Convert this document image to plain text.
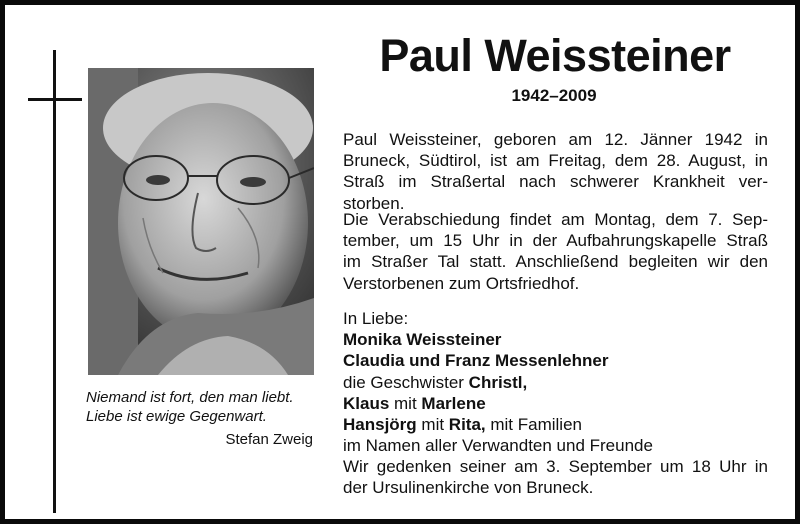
Niemand ist fort, den man liebt.
Liebe ist ewige Gegenwart.
Stefan Zweig
Paul Weissteiner
1942–2009
Paul Weissteiner, geboren am 12. Jänner 1942 in
Bruneck, Südtirol, ist am Freitag, dem 28. August, in
Straß im Straßertal nach schwerer Krankheit ver-
storben.
Die Verabschiedung findet am Montag, dem 7. Sep-
tember, um 15 Uhr in der Aufbahrungskapelle Straß
im Straßer Tal statt. Anschließend begleiten wir den
Verstorbenen zum Ortsfriedhof.
In Liebe:
Monika Weissteiner
Claudia und Franz Messenlehner
die Geschwister Christl,
Klaus mit Marlene
Hansjörg mit Rita, mit Familien
im Namen aller Verwandten und Freunde
Wir gedenken seiner am 3. September um 18 Uhr in
der Ursulinenkirche von Bruneck.
